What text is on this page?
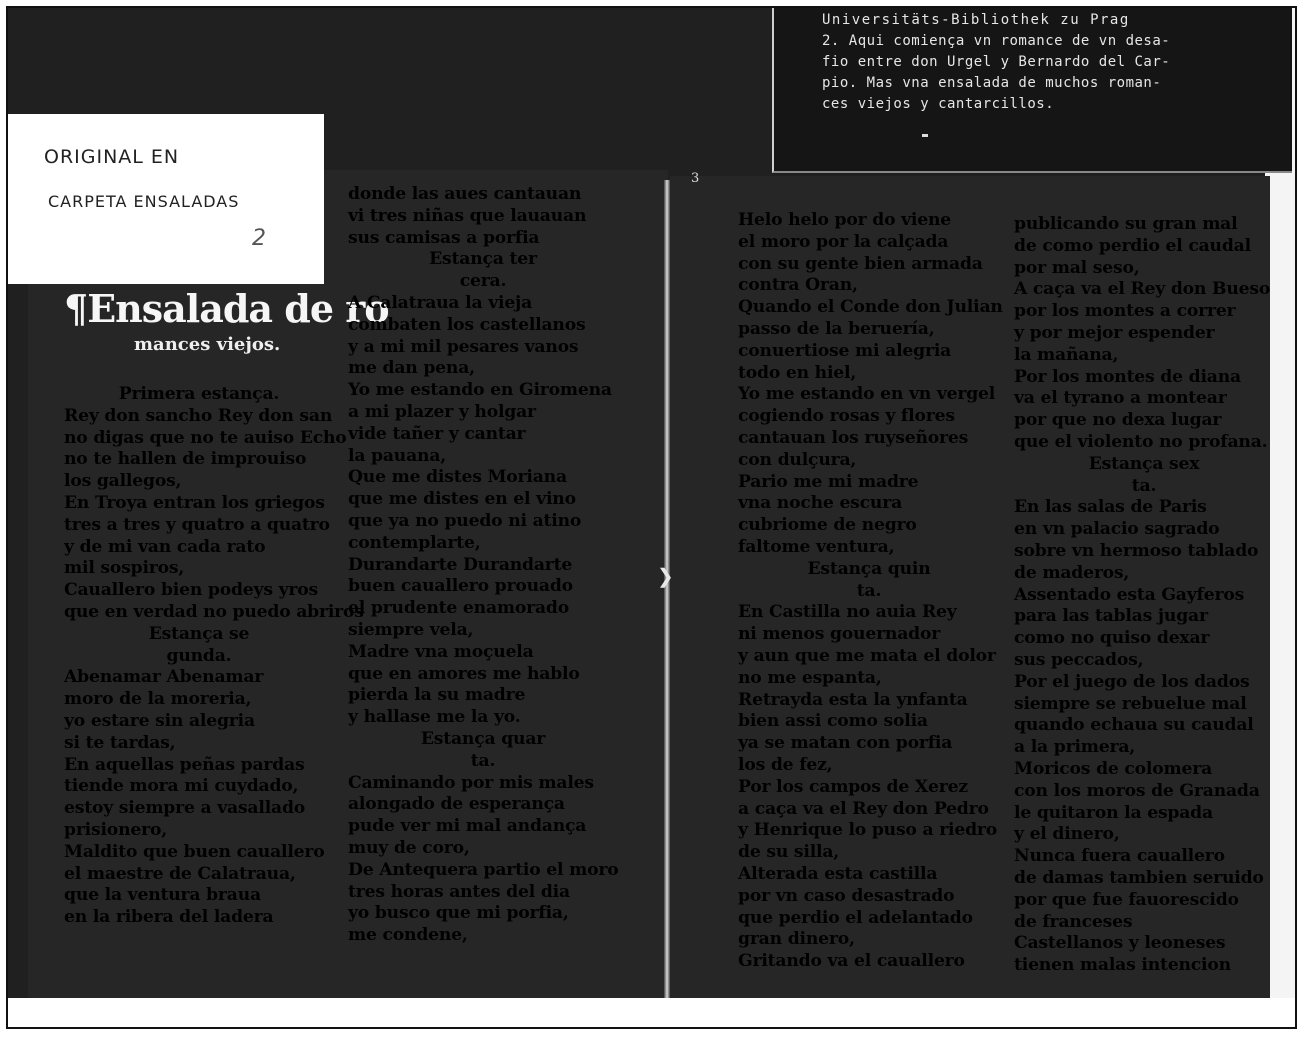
Universitäts-Bibliothek zu Prag
2. Aqui comiença vn romance de vn desa-
fio entre don Urgel y Bernardo del Car-
pio. Mas vna ensalada de muchos roman-
ces viejos y cantarcillos.
❯
3
ORIGINAL EN
CARPETA ENSALADAS
2
¶Ensalada de ro
mances viejos.
Primera estança.
Rey don sancho Rey don san
no digas que no te auiso Echo
no te hallen de improuiso
los gallegos,
En Troya entran los griegos
tres a tres y quatro a quatro
y de mi van cada rato
mil sospiros,
Cauallero bien podeys yros
que en verdad no puedo abriros
Estança se
gunda.
Abenamar Abenamar
moro de la moreria,
yo estare sin alegria
si te tardas,
En aquellas peñas pardas
tiende mora mi cuydado,
estoy siempre a vasallado
prisionero,
Maldito que buen cauallero
el maestre de Calatraua,
que la ventura braua
en la ribera del ladera
donde las aues cantauan
vi tres niñas que lauauan
sus camisas a porfia
Estança ter
cera.
A Calatraua la vieja
combaten los castellanos
y a mi mil pesares vanos
me dan pena,
Yo me estando en Giromena
a mi plazer y holgar
vide tañer y cantar
la pauana,
Que me distes Moriana
que me distes en el vino
que ya no puedo ni atino
contemplarte,
Durandarte Durandarte
buen cauallero prouado
el prudente enamorado
siempre vela,
Madre vna moçuela
que en amores me hablo
pierda la su madre
y hallase me la yo.
Estança quar
ta.
Caminando por mis males
alongado de esperança
pude ver mi mal andança
muy de coro,
De Antequera partio el moro
tres horas antes del dia
yo busco que mi porfia,
me condene,
Helo helo por do viene
el moro por la calçada
con su gente bien armada
contra Oran,
Quando el Conde don Julian
passo de la beruería,
conuertiose mi alegria
todo en hiel,
Yo me estando en vn vergel
cogiendo rosas y flores
cantauan los ruyseñores
con dulçura,
Pario me mi madre
vna noche escura
cubriome de negro
faltome ventura,
Estança quin
ta.
En Castilla no auia Rey
ni menos gouernador
y aun que me mata el dolor
no me espanta,
Retrayda esta la ynfanta
bien assi como solia
ya se matan con porfia
los de fez,
Por los campos de Xerez
a caça va el Rey don Pedro
y Henrique lo puso a riedro
de su silla,
Alterada esta castilla
por vn caso desastrado
que perdio el adelantado
gran dinero,
Gritando va el cauallero
publicando su gran mal
de como perdio el caudal
por mal seso,
A caça va el Rey don Bueso
por los montes a correr
y por mejor espender
la mañana,
Por los montes de diana
va el tyrano a montear
por que no dexa lugar
que el violento no profana.
Estança sex
ta.
En las salas de Paris
en vn palacio sagrado
sobre vn hermoso tablado
de maderos,
Assentado esta Gayferos
para las tablas jugar
como no quiso dexar
sus peccados,
Por el juego de los dados
siempre se rebuelue mal
quando echaua su caudal
a la primera,
Moricos de colomera
con los moros de Granada
le quitaron la espada
y el dinero,
Nunca fuera cauallero
de damas tambien seruido
por que fue fauorescido
de franceses
Castellanos y leoneses
tienen malas intencion
